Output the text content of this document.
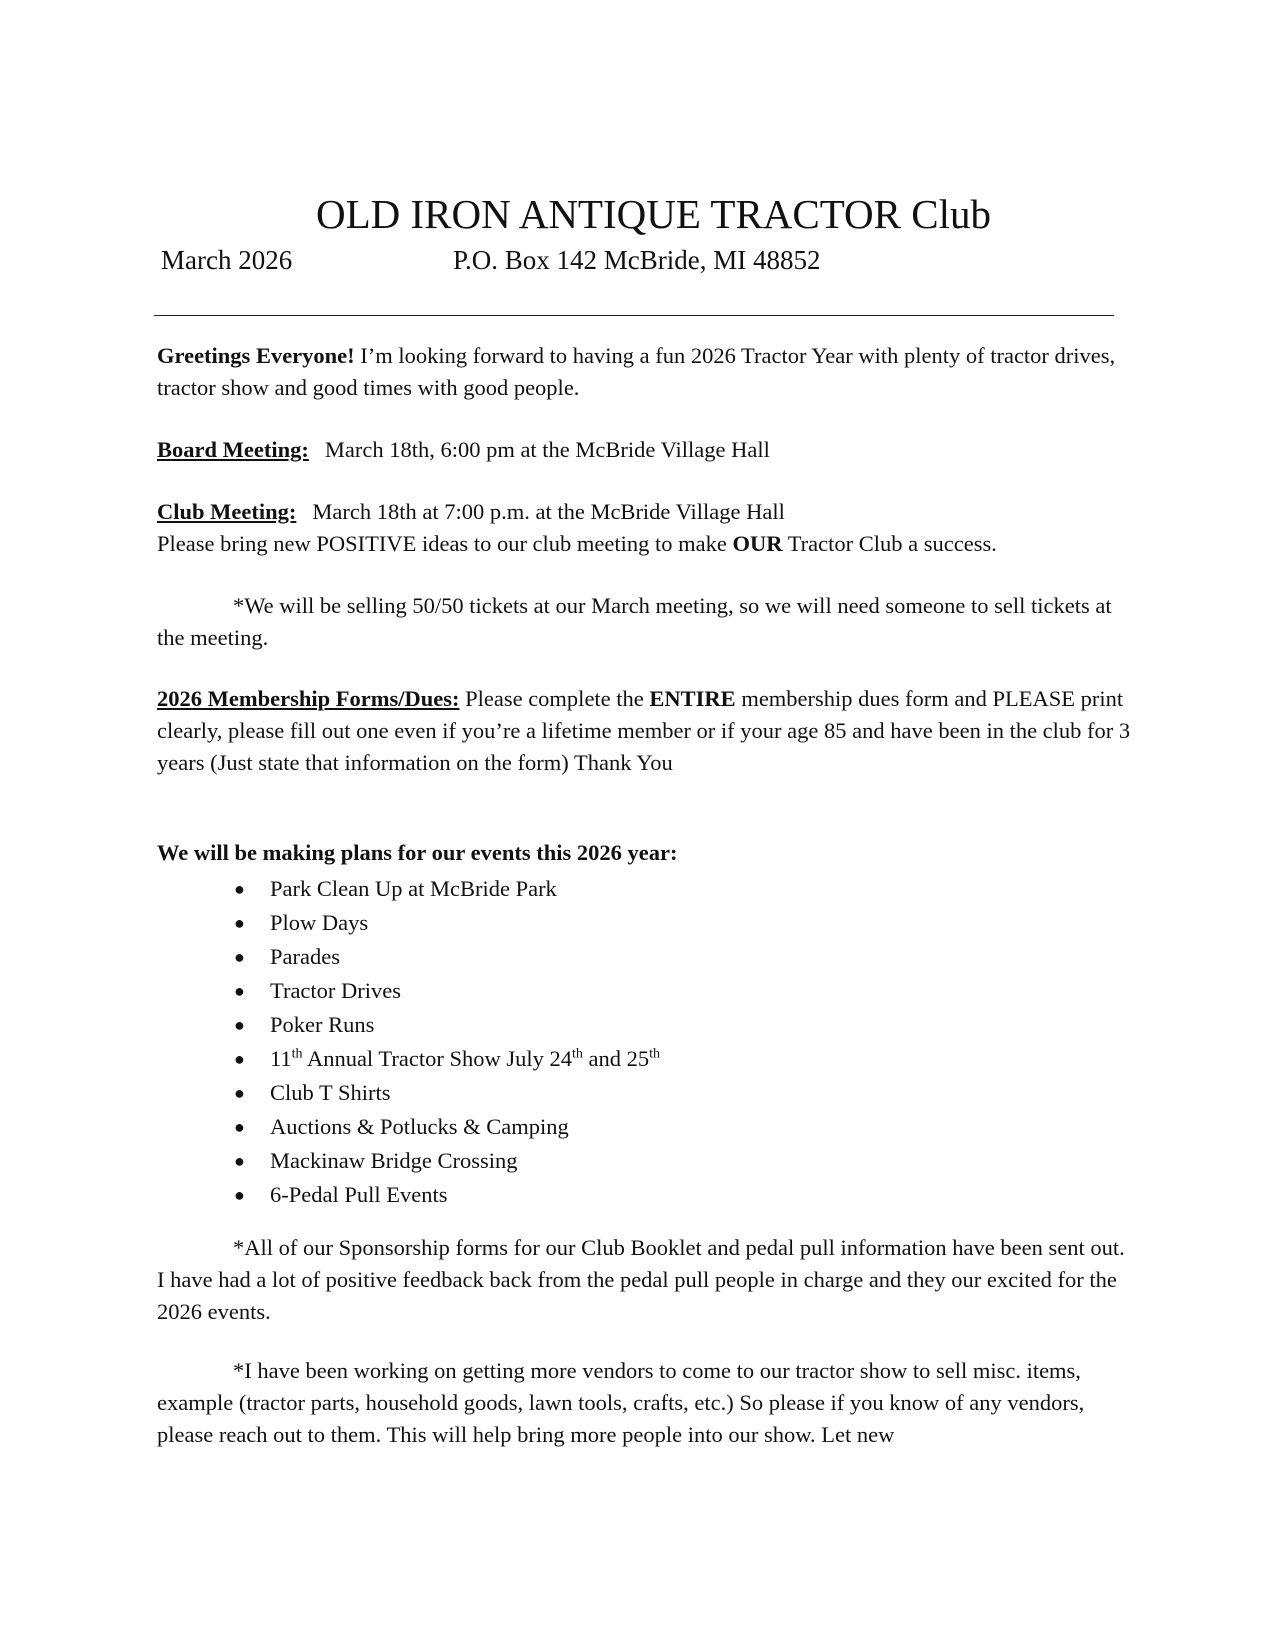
OLD IRON ANTIQUE TRACTOR Club
March 2026	P.O. Box 142 McBride, MI 48852

Greetings Everyone! I’m looking forward to having a fun 2026 Tractor Year with plenty of tractor drives, tractor show and good times with good people.

Board Meeting: March 18th, 6:00 pm at the McBride Village Hall

Club Meeting: March 18th at 7:00 p.m. at the McBride Village Hall

Please bring new POSITIVE ideas to our club meeting to make OUR Tractor Club a success.

*We will be selling 50/50 tickets at our March meeting, so we will need someone to sell tickets at the meeting.

2026 Membership Forms/Dues: Please complete the ENTIRE membership dues form and PLEASE print clearly, please fill out one even if you’re a lifetime member or if your age 85 and have been in the club for 3 years (Just state that information on the form) Thank You

We will be making plans for our events this 2026 year:
● Park Clean Up at McBride Park
● Plow Days
● Parades
● Tractor Drives
● Poker Runs
● 11th Annual Tractor Show July 24th and 25th
● Club T Shirts
● Auctions & Potlucks & Camping
● Mackinaw Bridge Crossing
● 6-Pedal Pull Events

*All of our Sponsorship forms for our Club Booklet and pedal pull information have been sent out. I have had a lot of positive feedback back from the pedal pull people in charge and they our excited for the 2026 events.

*I have been working on getting more vendors to come to our tractor show to sell misc. items, example (tractor parts, household goods, lawn tools, crafts, etc.) So please if you know of any vendors, please reach out to them. This will help bring more people into our show. Let new
